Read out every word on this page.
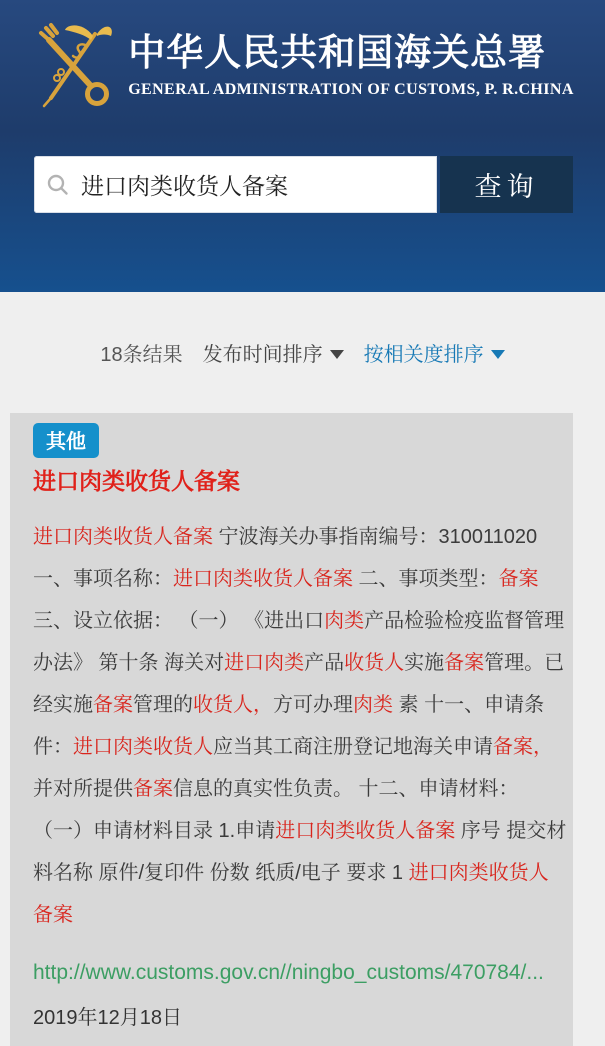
中华人民共和国海关总署
GENERAL ADMINISTRATION OF CUSTOMS, P. R.CHINA
进口肉类收货人备案
查询
18条结果 发布时间排序 按相关度排序
其他
进口肉类收货人备案
进口肉类收货人备案 宁波海关办事指南编号：310011020
一、事项名称：进口肉类收货人备案 二、事项类型：备案
三、设立依据： （一） 《进出口肉类产品检验检疫监督管理
办法》 第十条 海关对进口肉类产品收货人实施备案管理。已
经实施备案管理的收货人，方可办理肉类 素 十一、申请条
件：进口肉类收货人应当其工商注册登记地海关申请备案，
并对所提供备案信息的真实性负责。 十二、申请材料：
（一）申请材料目录 1.申请进口肉类收货人备案 序号 提交材
料名称 原件/复印件 份数 纸质/电子 要求 1 进口肉类收货人
备案
http://www.customs.gov.cn//ningbo_customs/470784/...
2019年12月18日
